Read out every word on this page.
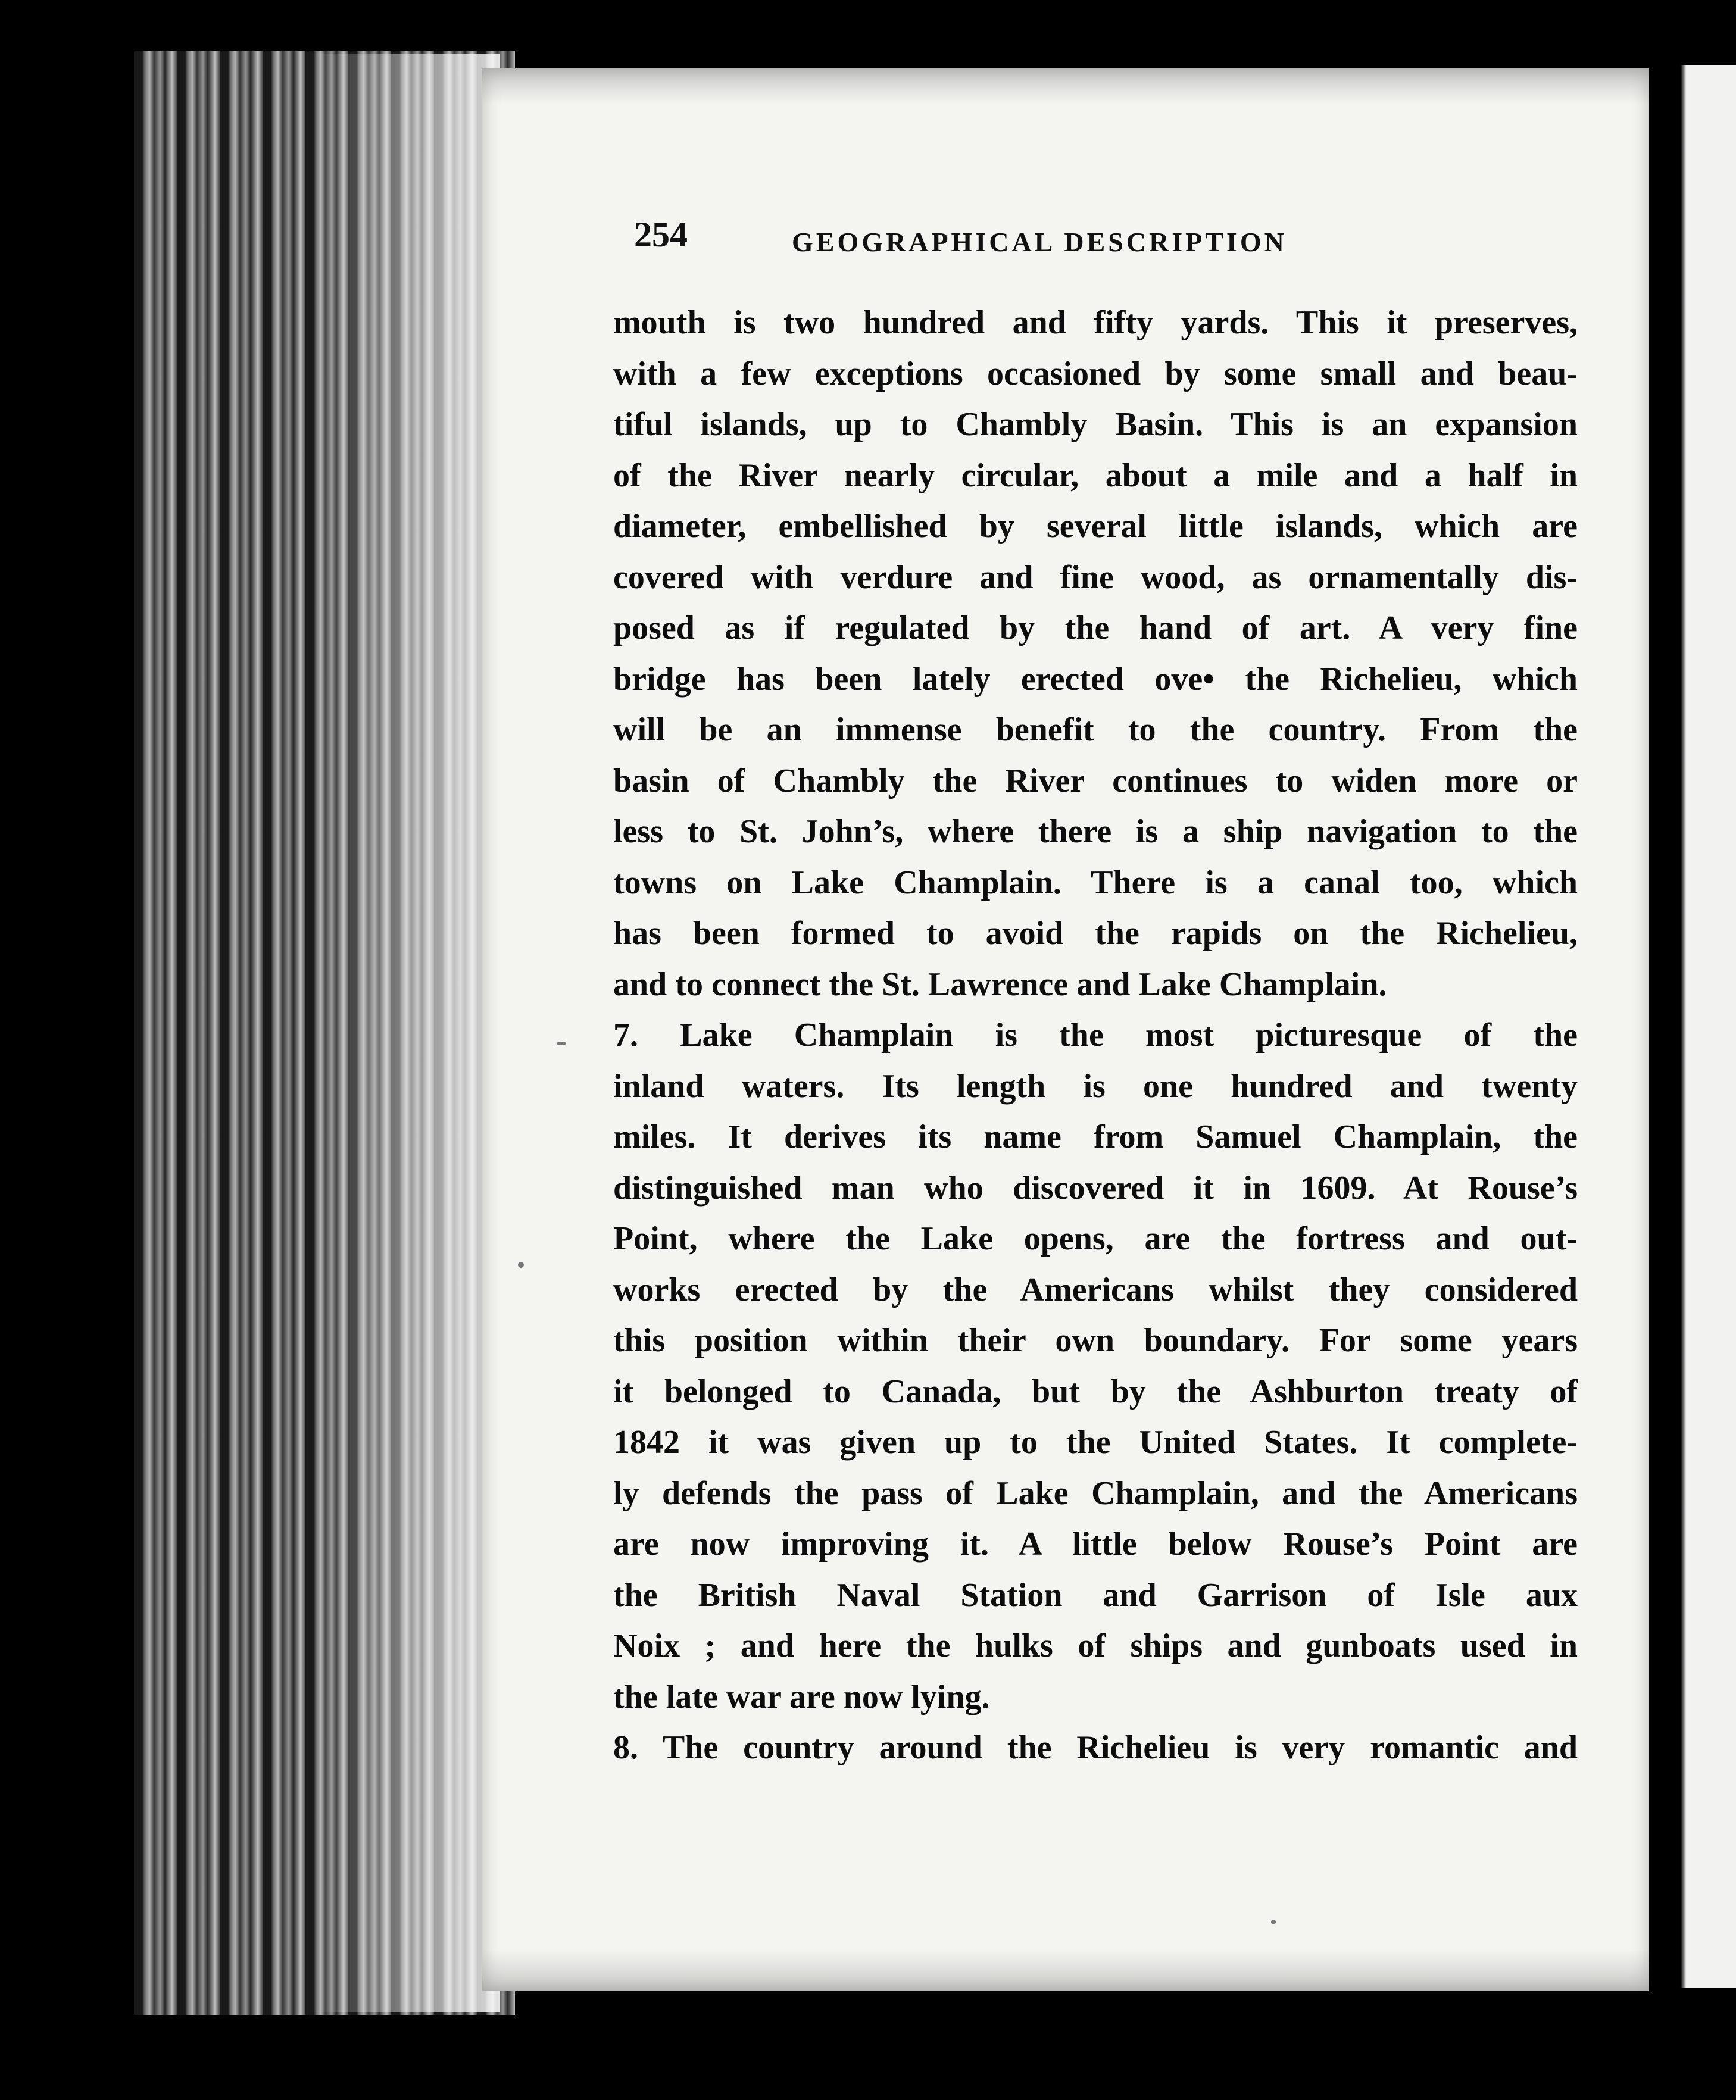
254	GEOGRAPHICAL DESCRIPTION
mouth is two hundred and fifty yards. This it preserves,
with a few exceptions occasioned by some small and beau-
tiful islands, up to Chambly Basin. This is an expansion
of the River nearly circular, about a mile and a half in
diameter, embellished by several little islands, which are
covered with verdure and fine wood, as ornamentally dis-
posed as if regulated by the hand of art. A very fine
bridge has been lately erected ove• the Richelieu, which
will be an immense benefit to the country. From the
basin of Chambly the River continues to widen more or
less to St. John’s, where there is a ship navigation to the
towns on Lake Champlain. There is a canal too, which
has been formed to avoid the rapids on the Richelieu,
and to connect the St. Lawrence and Lake Champlain.
7. Lake Champlain is the most picturesque of the
inland waters. Its length is one hundred and twenty
miles. It derives its name from Samuel Champlain, the
distinguished man who discovered it in 1609. At Rouse’s
Point, where the Lake opens, are the fortress and out-
works erected by the Americans whilst they considered
this position within their own boundary. For some years
it belonged to Canada, but by the Ashburton treaty of
1842 it was given up to the United States. It complete-
ly defends the pass of Lake Champlain, and the Americans
are now improving it. A little below Rouse’s Point are
the British Naval Station and Garrison of Isle aux
Noix ; and here the hulks of ships and gunboats used in
the late war are now lying.
8. The country around the Richelieu is very romantic and
